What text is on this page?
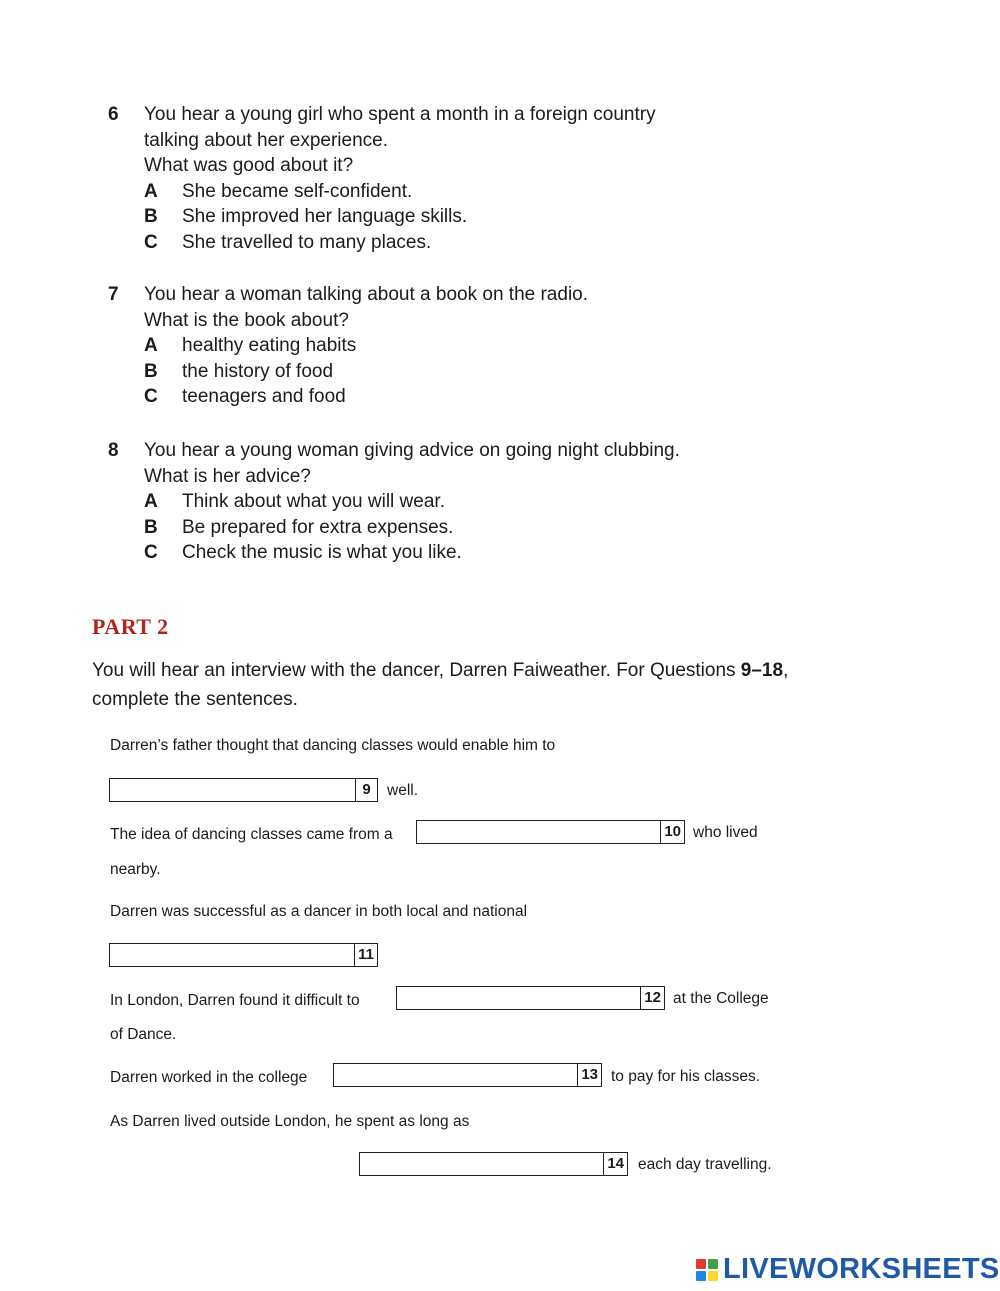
6	You hear a young girl who spent a month in a foreign country
talking about her experience.
What was good about it?
A	She became self-confident.
B	She improved her language skills.
C	She travelled to many places.
7	You hear a woman talking about a book on the radio.
What is the book about?
A	healthy eating habits
B	the history of food
C	teenagers and food
8	You hear a young woman giving advice on going night clubbing.
What is her advice?
A	Think about what you will wear.
B	Be prepared for extra expenses.
C	Check the music is what you like.
PART 2
You will hear an interview with the dancer, Darren Faiweather. For Questions 9–18,
complete the sentences.
Darren’s father thought that dancing classes would enable him to
9	well.
The idea of dancing classes came from a	10 who lived
nearby.
Darren was successful as a dancer in both local and national
11
In London, Darren found it difficult to	12 at the College
of Dance.
Darren worked in the college	13 to pay for his classes.
As Darren lived outside London, he spent as long as
14 each day travelling.
LIVEWORKSHEETS
